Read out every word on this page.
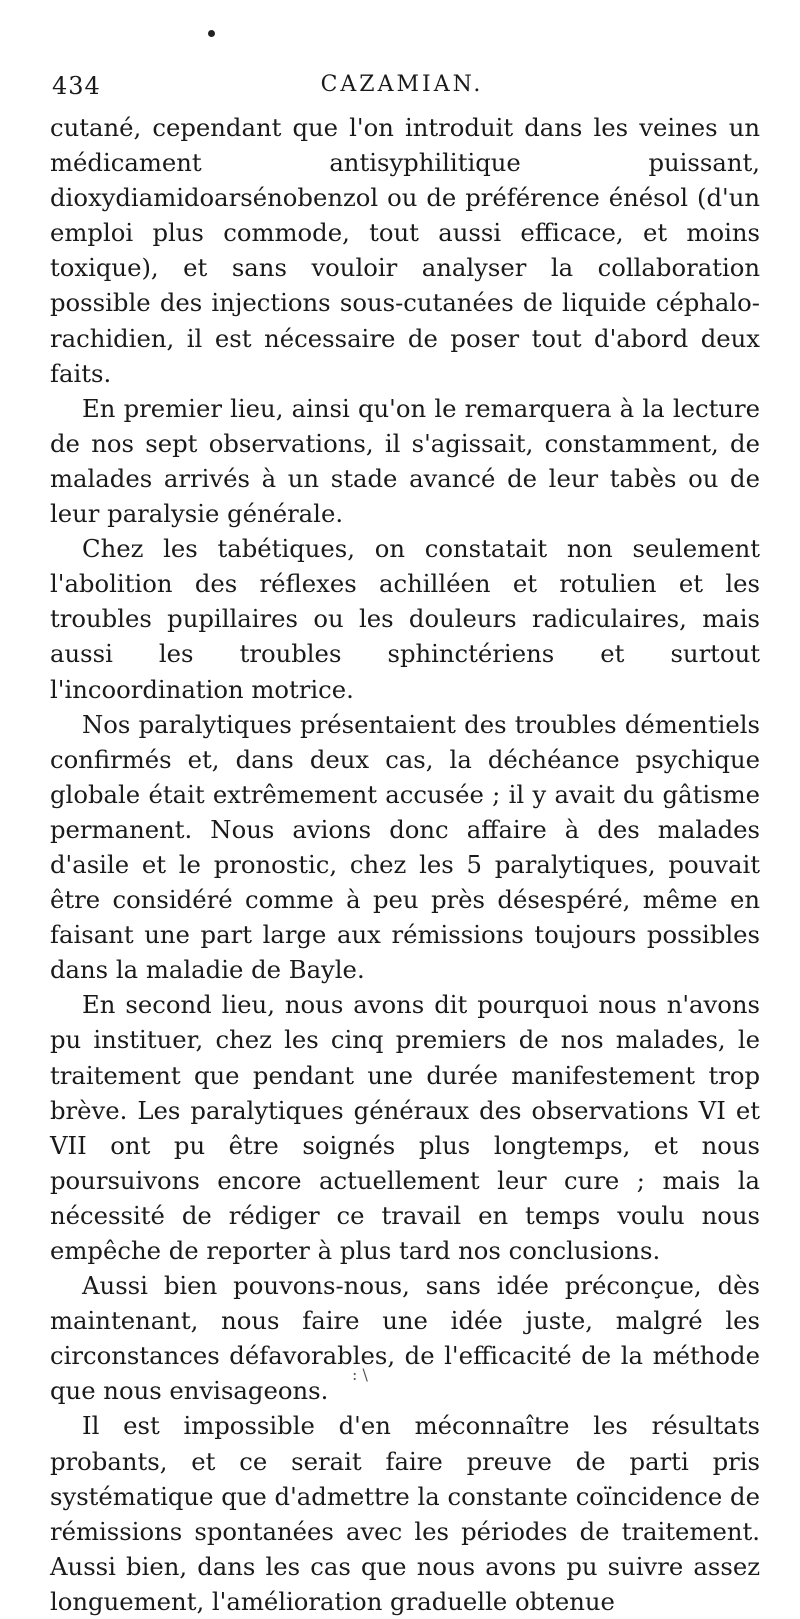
434	CAZAMIAN.

cutané, cependant que l'on introduit dans les veines un médicament antisyphilitique puissant, dioxydiamidoarsénobenzol ou de préférence énésol (d'un emploi plus commode, tout aussi efficace, et moins toxique), et sans vouloir analyser la collaboration possible des injections sous-cutanées de liquide céphalo-rachidien, il est nécessaire de poser tout d'abord deux faits.

En premier lieu, ainsi qu'on le remarquera à la lecture de nos sept observations, il s'agissait, constamment, de malades arrivés à un stade avancé de leur tabès ou de leur paralysie générale.

Chez les tabétiques, on constatait non seulement l'abolition des réflexes achilléen et rotulien et les troubles pupillaires ou les douleurs radiculaires, mais aussi les troubles sphinctériens et surtout l'incoordination motrice.

Nos paralytiques présentaient des troubles démentiels confirmés et, dans deux cas, la déchéance psychique globale était extrêmement accusée ; il y avait du gâtisme permanent. Nous avions donc affaire à des malades d'asile et le pronostic, chez les 5 paralytiques, pouvait être considéré comme à peu près désespéré, même en faisant une part large aux rémissions toujours possibles dans la maladie de Bayle.

En second lieu, nous avons dit pourquoi nous n'avons pu instituer, chez les cinq premiers de nos malades, le traitement que pendant une durée manifestement trop brève. Les paralytiques généraux des observations VI et VII ont pu être soignés plus longtemps, et nous poursuivons encore actuellement leur cure ; mais la nécessité de rédiger ce travail en temps voulu nous empêche de reporter à plus tard nos conclusions.

Aussi bien pouvons-nous, sans idée préconçue, dès maintenant, nous faire une idée juste, malgré les circonstances défavorables, de l'efficacité de la méthode que nous envisageons.

Il est impossible d'en méconnaître les résultats probants, et ce serait faire preuve de parti pris systématique que d'admettre la constante coïncidence de rémissions spontanées avec les périodes de traitement. Aussi bien, dans les cas que nous avons pu suivre assez longuement, l'amélioration graduelle obtenue

: \
